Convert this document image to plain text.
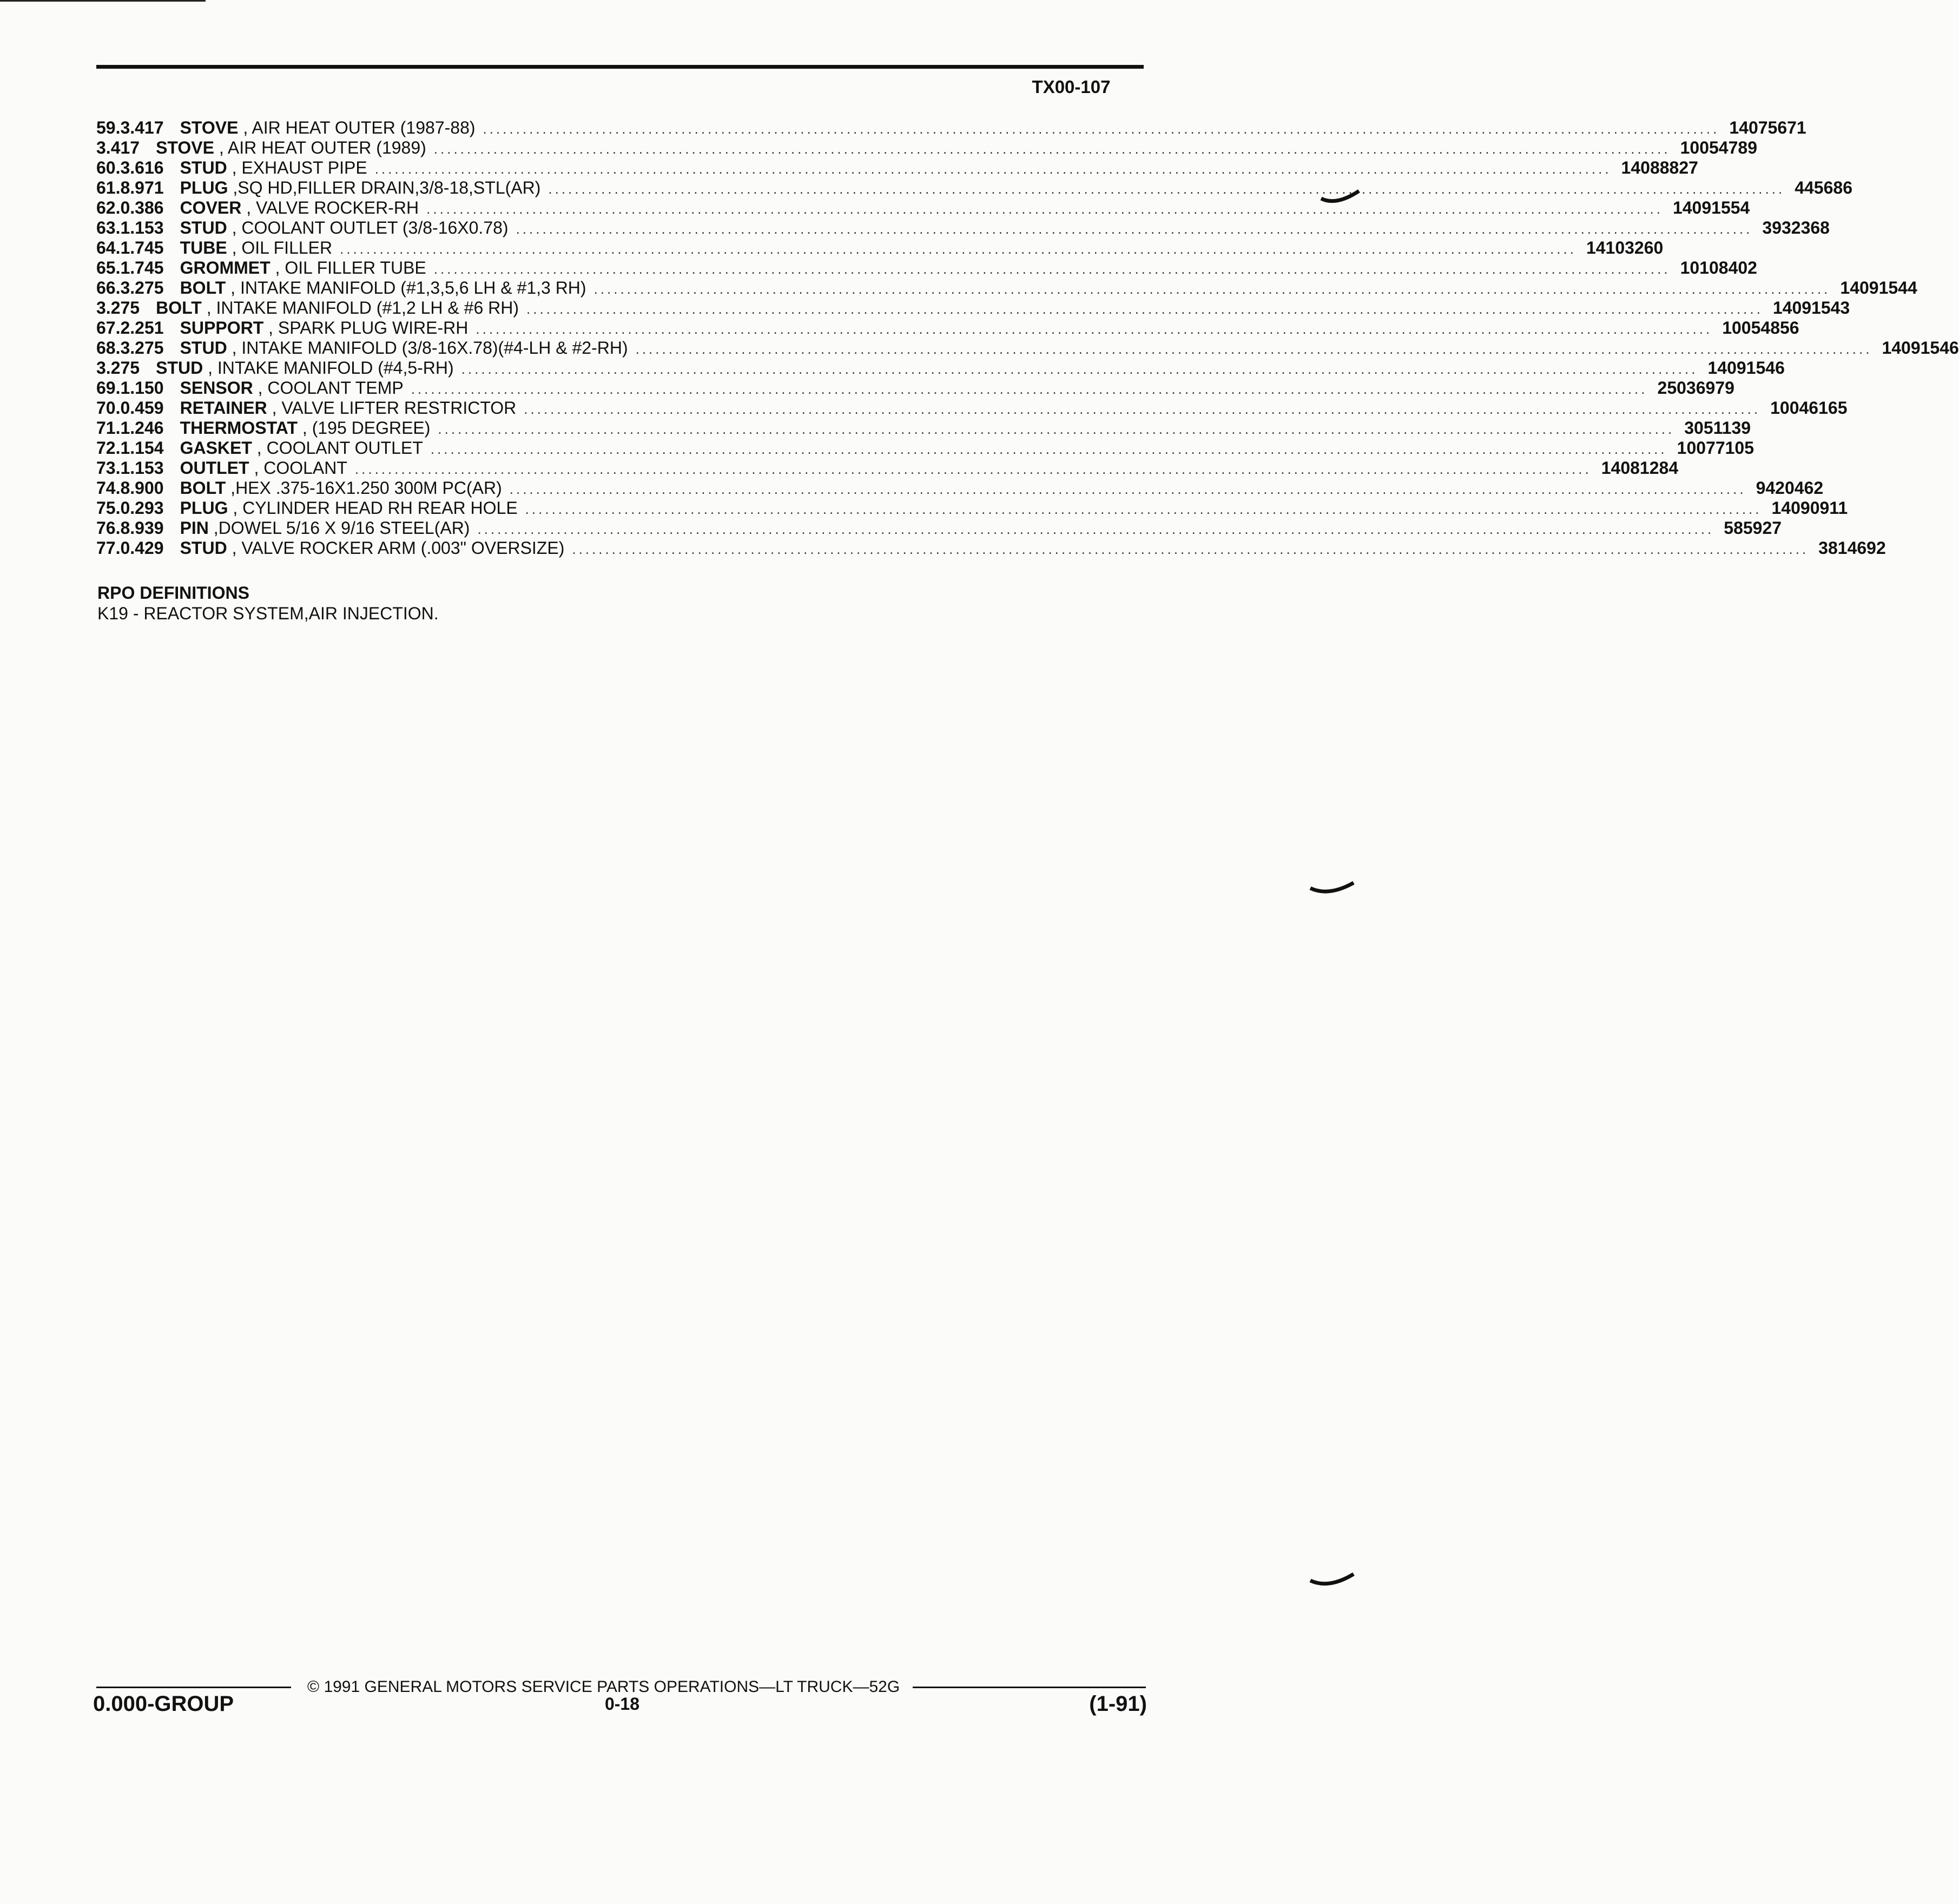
TX00-107
59. 3.417 STOVE , AIR HEAT OUTER (1987-88) .....	14075671
3.417 STOVE , AIR HEAT OUTER (1989) .....	10054789
60. 3.616 STUD , EXHAUST PIPE .....	14088827
61. 8.971 PLUG ,SQ HD,FILLER DRAIN,3/8-18,STL(AR) .....	445686
62. 0.386 COVER , VALVE ROCKER-RH .....	14091554
63. 1.153 STUD , COOLANT OUTLET (3/8-16X0.78) .....	3932368
64. 1.745 TUBE , OIL FILLER .....	14103260
65. 1.745 GROMMET , OIL FILLER TUBE .....	10108402
66. 3.275 BOLT , INTAKE MANIFOLD (#1,3,5,6 LH & #1,3 RH) .....	14091544
3.275 BOLT , INTAKE MANIFOLD (#1,2 LH & #6 RH) .....	14091543
67. 2.251 SUPPORT , SPARK PLUG WIRE-RH .....	10054856
68. 3.275 STUD , INTAKE MANIFOLD (3/8-16X.78)(#4-LH & #2-RH) .....	14091546
3.275 STUD , INTAKE MANIFOLD (#4,5-RH) .....	14091546
69. 1.150 SENSOR , COOLANT TEMP .....	25036979
70. 0.459 RETAINER , VALVE LIFTER RESTRICTOR .....	10046165
71. 1.246 THERMOSTAT , (195 DEGREE) .....	3051139
72. 1.154 GASKET , COOLANT OUTLET .....	10077105
73. 1.153 OUTLET , COOLANT .....	14081284
74. 8.900 BOLT ,HEX .375-16X1.250 300M PC(AR) .....	9420462
75. 0.293 PLUG , CYLINDER HEAD RH REAR HOLE .....	14090911
76. 8.939 PIN ,DOWEL 5/16 X 9/16 STEEL(AR) .....	585927
77. 0.429 STUD , VALVE ROCKER ARM (.003" OVERSIZE) .....	3814692
RPO DEFINITIONS
K19 - REACTOR SYSTEM,AIR INJECTION.
© 1991 GENERAL MOTORS SERVICE PARTS OPERATIONS—LT TRUCK—52G
0.000-GROUP	0-18	(1-91)
